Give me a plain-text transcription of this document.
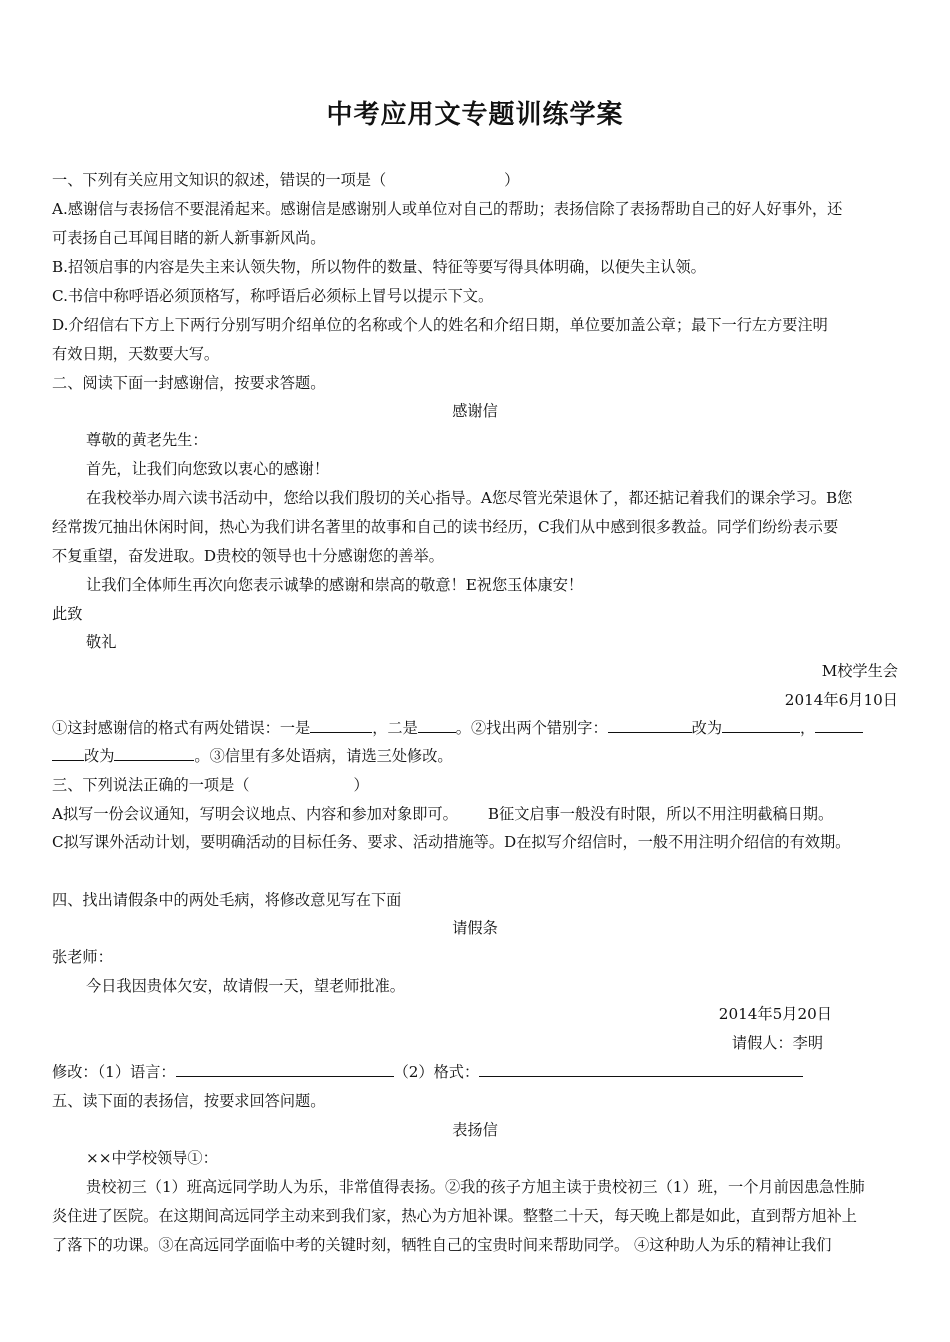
中考应用文专题训练学案
一、下列有关应用文知识的叙述，错误的一项是（	）
A.感谢信与表扬信不要混淆起来。感谢信是感谢别人或单位对自己的帮助；表扬信除了表扬帮助自己的好人好事外，还
可表扬自己耳闻目睹的新人新事新风尚。
B.招领启事的内容是失主来认领失物，所以物件的数量、特征等要写得具体明确，以便失主认领。
C.书信中称呼语必须顶格写，称呼语后必须标上冒号以提示下文。
D.介绍信右下方上下两行分别写明介绍单位的名称或个人的姓名和介绍日期，单位要加盖公章；最下一行左方要注明
有效日期，天数要大写。
二、阅读下面一封感谢信，按要求答题。
感谢信
尊敬的黄老先生：
首先，让我们向您致以衷心的感谢！
在我校举办周六读书活动中，您给以我们殷切的关心指导。A您尽管光荣退休了，都还掂记着我们的课余学习。B您
经常拨冗抽出休闲时间，热心为我们讲名著里的故事和自己的读书经历，C我们从中感到很多教益。同学们纷纷表示要
不复重望，奋发进取。D贵校的领导也十分感谢您的善举。
让我们全体师生再次向您表示诚挚的感谢和崇高的敬意！E祝您玉体康安！
此致
敬礼
M校学生会
2014年6月10日
①这封感谢信的格式有两处错误：一是	，二是	。②找出两个错别字：	改为	，
改为	。③信里有多处语病，请选三处修改。
三、下列说法正确的一项是（	）
A拟写一份会议通知，写明会议地点、内容和参加对象即可。 B征文启事一般没有时限，所以不用注明截稿日期。
C拟写课外活动计划，要明确活动的目标任务、要求、活动措施等。D在拟写介绍信时，一般不用注明介绍信的有效期。
四、找出请假条中的两处毛病，将修改意见写在下面
请假条
张老师：
今日我因贵体欠安，故请假一天，望老师批准。
2014年5月20日
请假人：李明
修改：（1）语言：	（2）格式：
五、读下面的表扬信，按要求回答问题。
表扬信
××中学校领导①：
贵校初三（1）班高远同学助人为乐，非常值得表扬。②我的孩子方旭主读于贵校初三（1）班，一个月前因患急性肺
炎住进了医院。在这期间高远同学主动来到我们家，热心为方旭补课。整整二十天，每天晚上都是如此，直到帮方旭补上
了落下的功课。③在高远同学面临中考的关键时刻，牺牲自己的宝贵时间来帮助同学。 ④这种助人为乐的精神让我们
